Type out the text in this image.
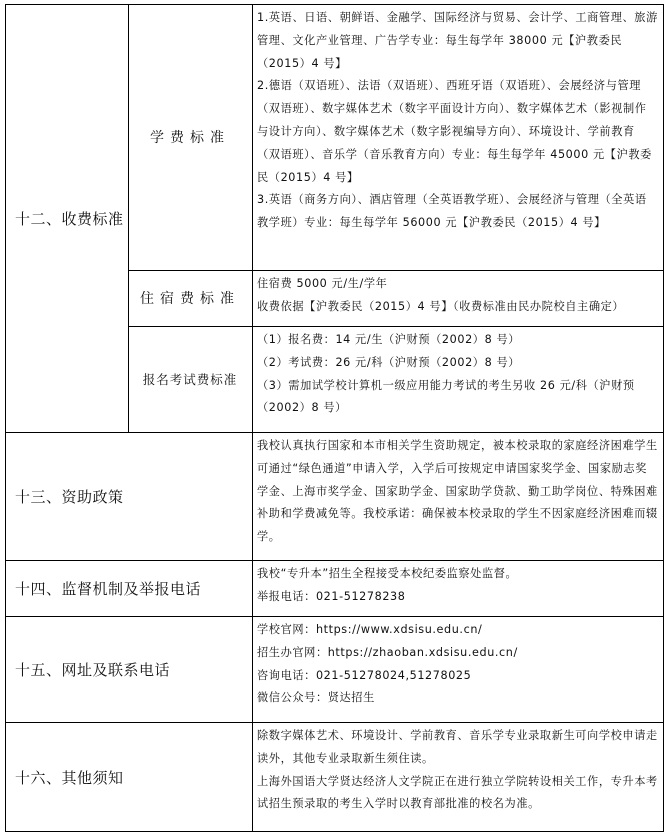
十二、收费标准
学费标准

1.英语、日语、朝鲜语、金融学、国际经济与贸易、会计学、工商管理、旅游管理、文化产业管理、广告学专业：每生每学年 38000 元【沪教委民（2015）4 号】

2.德语（双语班）、法语（双语班）、西班牙语（双语班）、会展经济与管理（双语班）、数字媒体艺术（数字平面设计方向）、数字媒体艺术（影视制作与设计方向）、数字媒体艺术（数字影视编导方向）、环境设计、学前教育（双语班）、音乐学（音乐教育方向）专业：每生每学年 45000 元【沪教委民（2015）4 号】

3.英语（商务方向）、酒店管理（全英语教学班）、会展经济与管理（全英语教学班）专业：每生每学年 56000 元【沪教委民（2015）4 号】

住宿费标准

住宿费 5000 元/生/学年

收费依据【沪教委民（2015）4 号】（收费标准由民办院校自主确定）

报名考试费标准

（1）报名费：14 元/生（沪财预（2002）8 号）

（2）考试费：26 元/科（沪财预（2002）8 号）

（3）需加试学校计算机一级应用能力考试的考生另收 26 元/科（沪财预（2002）8 号）

十三、资助政策

我校认真执行国家和本市相关学生资助规定，被本校录取的家庭经济困难学生可通过“绿色通道”申请入学，入学后可按规定申请国家奖学金、国家励志奖学金、上海市奖学金、国家助学金、国家助学贷款、勤工助学岗位、特殊困难补助和学费减免等。我校承诺：确保被本校录取的学生不因家庭经济困难而辍学。

十四、监督机制及举报电话

我校“专升本”招生全程接受本校纪委监察处监督。

举报电话：021-51278238

十五、网址及联系电话

学校官网：https://www.xdsisu.edu.cn/

招生办官网：https://zhaoban.xdsisu.edu.cn/

咨询电话：021-51278024,51278025

微信公众号：贤达招生

十六、其他须知

除数字媒体艺术、环境设计、学前教育、音乐学专业录取新生可向学校申请走读外，其他专业录取新生须住读。

上海外国语大学贤达经济人文学院正在进行独立学院转设相关工作，专升本考试招生预录取的考生入学时以教育部批准的校名为准。
